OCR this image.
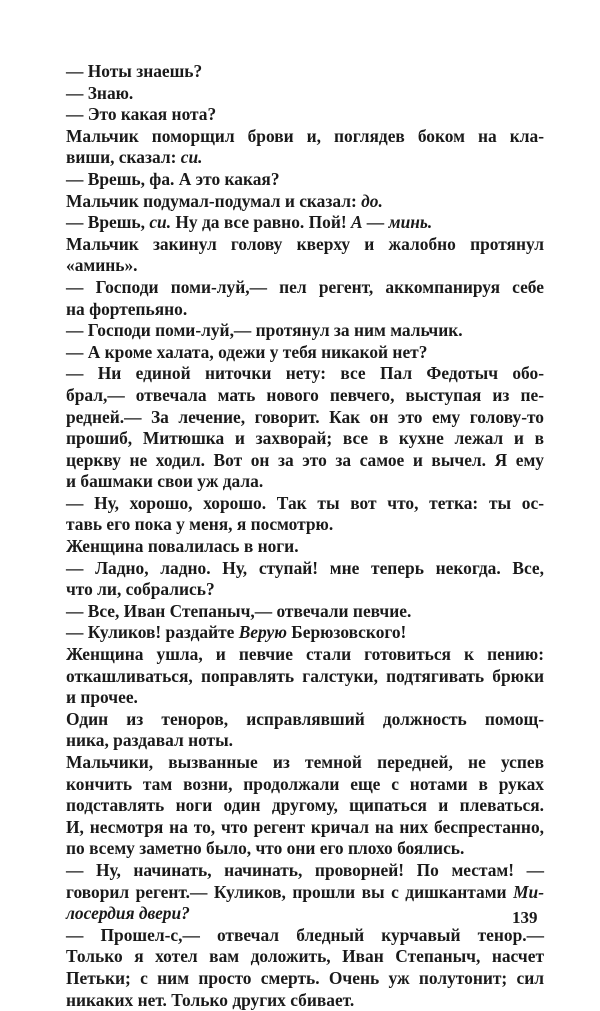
— Ноты знаешь?
— Знаю.
— Это какая нота?
Мальчик поморщил брови и, поглядев боком на кла-
виши, сказал: си.
— Врешь, фа. А это какая?
Мальчик подумал-подумал и сказал: до.
— Врешь, си. Ну да все равно. Пой! А — минь.
Мальчик закинул голову кверху и жалобно протянул
«аминь».
— Господи поми-луй,— пел регент, аккомпанируя себе
на фортепьяно.
— Господи поми-луй,— протянул за ним мальчик.
— А кроме халата, одежи у тебя никакой нет?
— Ни единой ниточки нету: все Пал Федотыч обо-
брал,— отвечала мать нового певчего, выступая из пе-
редней.— За лечение, говорит. Как он это ему голову-то
прошиб, Митюшка и захворай; все в кухне лежал и в
церкву не ходил. Вот он за это за самое и вычел. Я ему
и башмаки свои уж дала.
— Ну, хорошо, хорошо. Так ты вот что, тетка: ты ос-
тавь его пока у меня, я посмотрю.
Женщина повалилась в ноги.
— Ладно, ладно. Ну, ступай! мне теперь некогда. Все,
что ли, собрались?
— Все, Иван Степаныч,— отвечали певчие.
— Куликов! раздайте Верую Берюзовского!
Женщина ушла, и певчие стали готовиться к пению:
откашливаться, поправлять галстуки, подтягивать брюки
и прочее.
Один из теноров, исправлявший должность помощ-
ника, раздавал ноты.
Мальчики, вызванные из темной передней, не успев
кончить там возни, продолжали еще с нотами в руках
подставлять ноги один другому, щипаться и плеваться.
И, несмотря на то, что регент кричал на них беспрестанно,
по всему заметно было, что они его плохо боялись.
— Ну, начинать, начинать, проворней! По местам! —
говорил регент.— Куликов, прошли вы с дишкантами Ми-
лосердия двери?
— Прошел-с,— отвечал бледный курчавый тенор.—
Только я хотел вам доложить, Иван Степаныч, насчет
Петьки; с ним просто смерть. Очень уж полутонит; сил
никаких нет. Только других сбивает.
139
